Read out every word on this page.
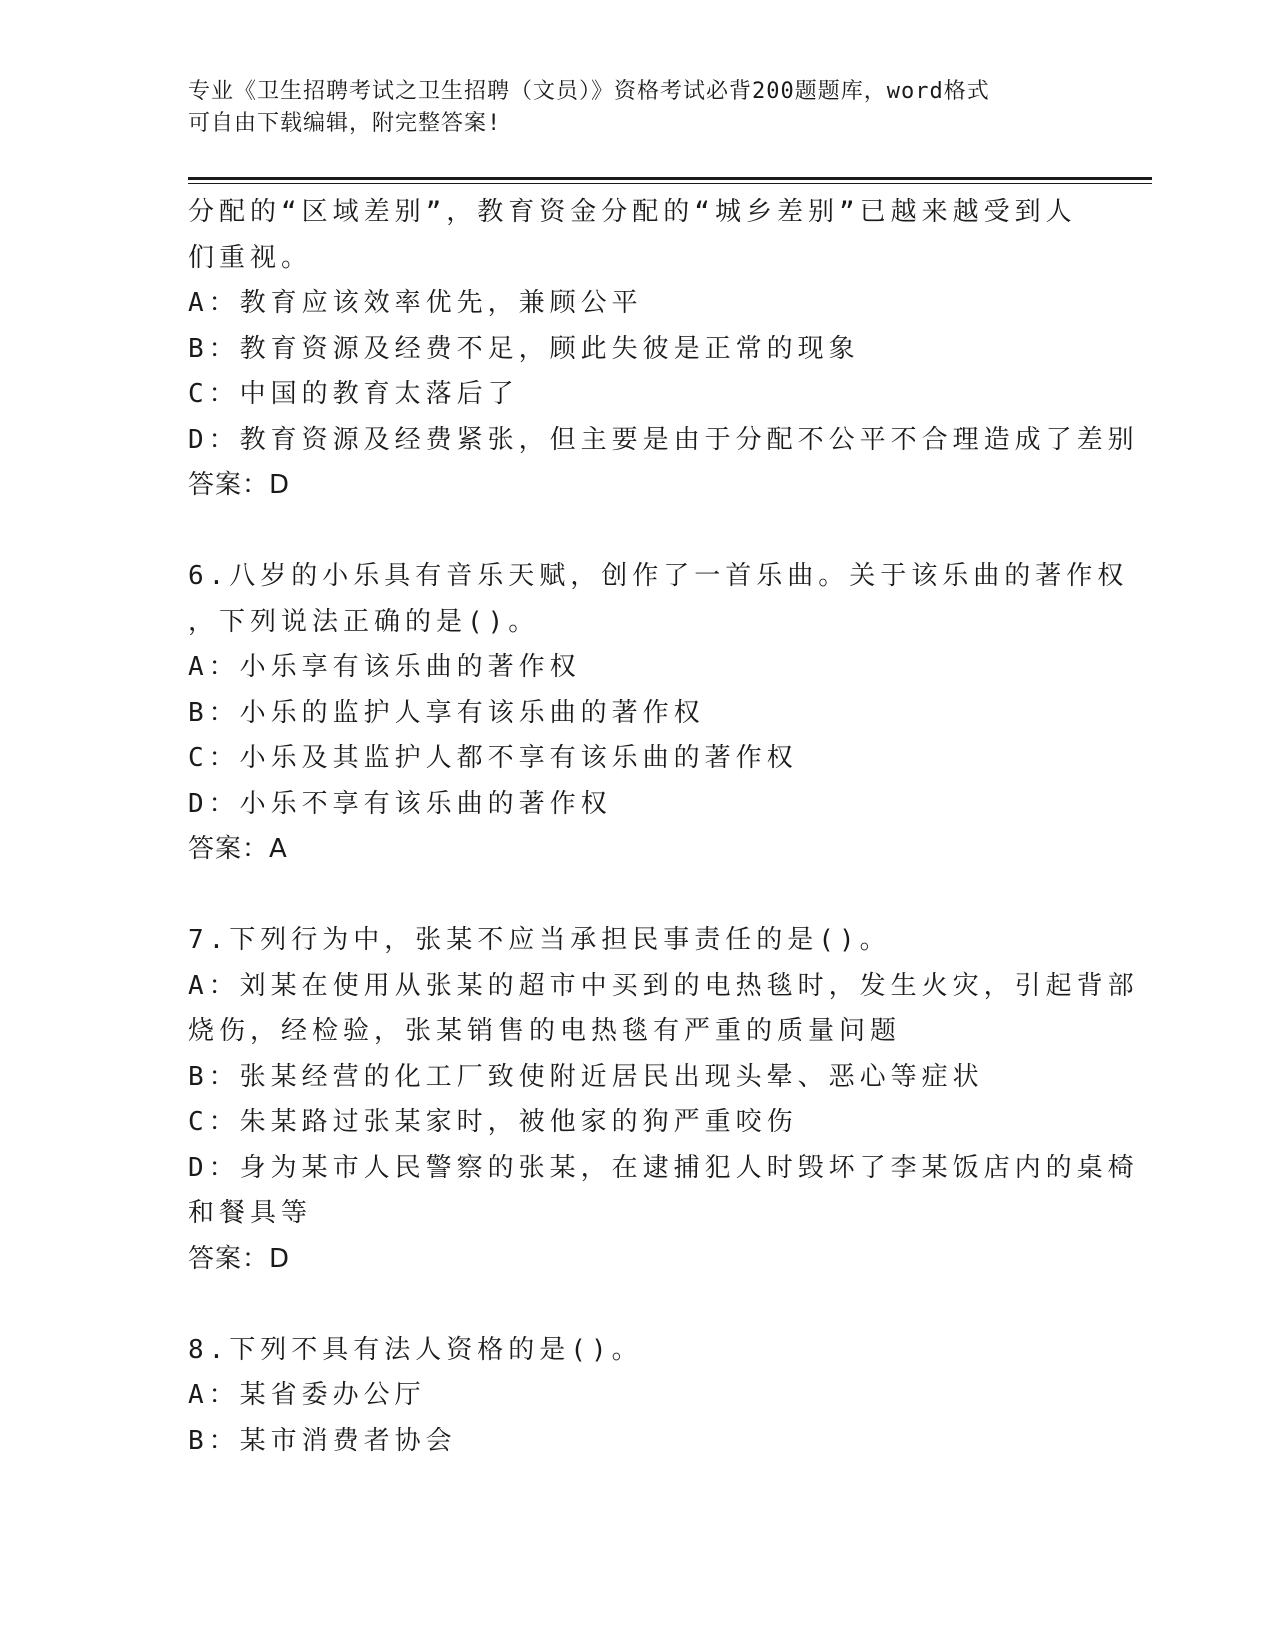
专业《卫生招聘考试之卫生招聘（文员）》资格考试必背200题题库，word格式
可自由下载编辑，附完整答案!
分配的“区域差别”，教育资金分配的“城乡差别”已越来越受到人
们重视。
A：教育应该效率优先，兼顾公平
B：教育资源及经费不足，顾此失彼是正常的现象
C：中国的教育太落后了
D：教育资源及经费紧张，但主要是由于分配不公平不合理造成了差别
答案：D
6.八岁的小乐具有音乐天赋，创作了一首乐曲。关于该乐曲的著作权
，下列说法正确的是()。
A：小乐享有该乐曲的著作权
B：小乐的监护人享有该乐曲的著作权
C：小乐及其监护人都不享有该乐曲的著作权
D：小乐不享有该乐曲的著作权
答案：A
7.下列行为中，张某不应当承担民事责任的是()。
A：刘某在使用从张某的超市中买到的电热毯时，发生火灾，引起背部
烧伤，经检验，张某销售的电热毯有严重的质量问题
B：张某经营的化工厂致使附近居民出现头晕、恶心等症状
C：朱某路过张某家时，被他家的狗严重咬伤
D：身为某市人民警察的张某，在逮捕犯人时毁坏了李某饭店内的桌椅
和餐具等
答案：D
8.下列不具有法人资格的是()。
A：某省委办公厅
B：某市消费者协会
